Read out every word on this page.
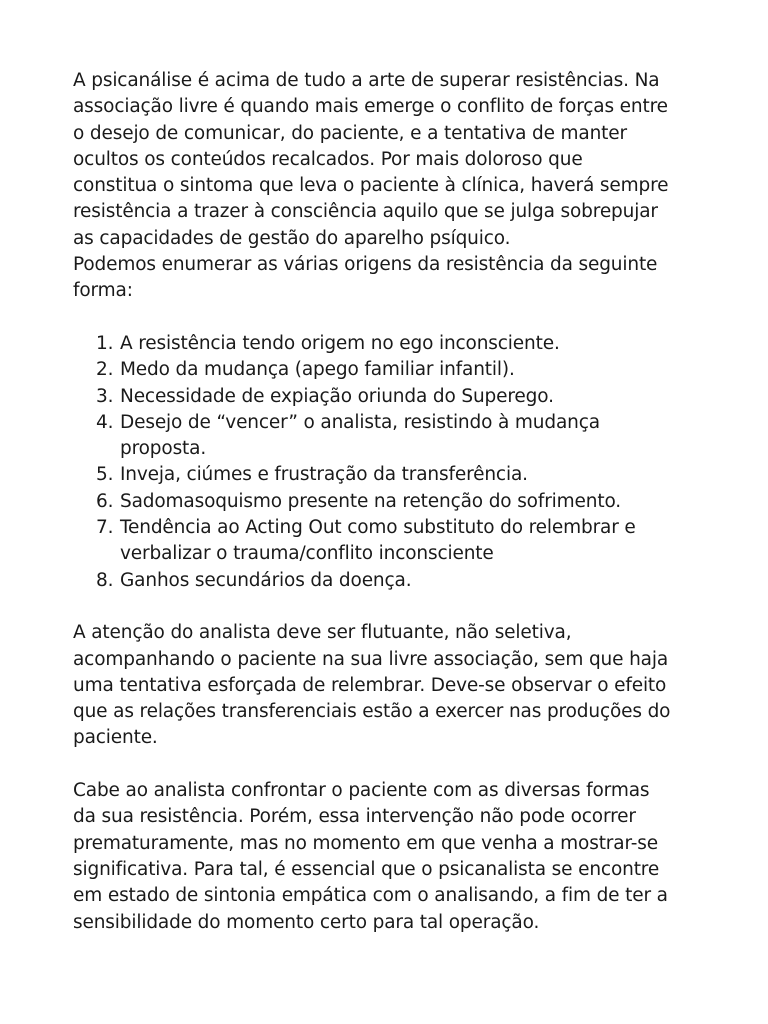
A psicanálise é acima de tudo a arte de superar resistências. Na
associação livre é quando mais emerge o conflito de forças entre
o desejo de comunicar, do paciente, e a tentativa de manter
ocultos os conteúdos recalcados. Por mais doloroso que
constitua o sintoma que leva o paciente à clínica, haverá sempre
resistência a trazer à consciência aquilo que se julga sobrepujar
as capacidades de gestão do aparelho psíquico.

Podemos enumerar as várias origens da resistência da seguinte
forma:

1. A resistência tendo origem no ego inconsciente.
2. Medo da mudança (apego familiar infantil).
3. Necessidade de expiação oriunda do Superego.
4. Desejo de “vencer” o analista, resistindo à mudança
proposta.
5. Inveja, ciúmes e frustração da transferência.
6. Sadomasoquismo presente na retenção do sofrimento.
7. Tendência ao Acting Out como substituto do relembrar e
verbalizar o trauma/conflito inconsciente
8. Ganhos secundários da doença.

A atenção do analista deve ser flutuante, não seletiva,
acompanhando o paciente na sua livre associação, sem que haja
uma tentativa esforçada de relembrar. Deve-se observar o efeito
que as relações transferenciais estão a exercer nas produções do
paciente.

Cabe ao analista confrontar o paciente com as diversas formas
da sua resistência. Porém, essa intervenção não pode ocorrer
prematuramente, mas no momento em que venha a mostrar-se
significativa. Para tal, é essencial que o psicanalista se encontre
em estado de sintonia empática com o analisando, a fim de ter a
sensibilidade do momento certo para tal operação.
